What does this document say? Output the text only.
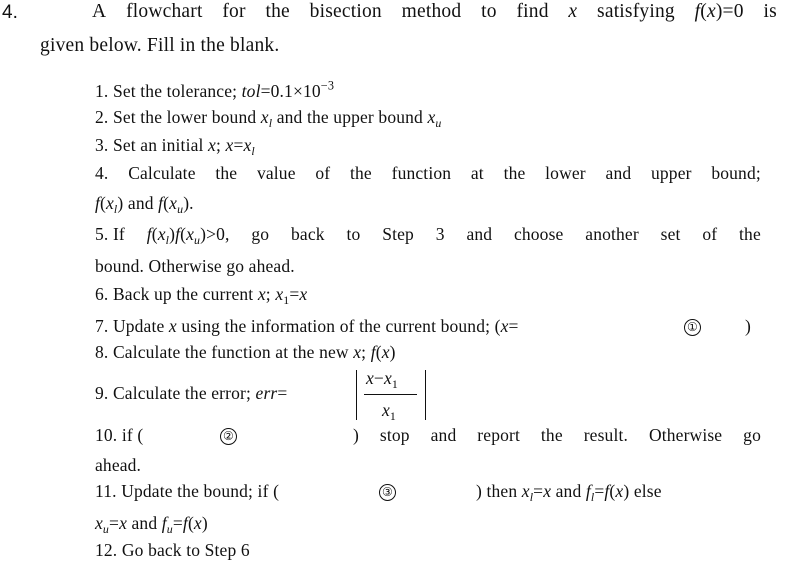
4.	A flowchart for the bisection method to find x satisfying f(x)=0 is
given below. Fill in the blank.
1. Set the tolerance; $tol=0.1\times 10^{-3}$
2. Set the lower bound $x_l$ and the upper bound $x_u$
3. Set an initial x; $x=x_l$
4. Calculate the value of the function at the lower and upper bound;
$f(x_l)$ and $f(x_u)$.
5. If $f(x_l)f(x_u)>0$, go back to Step 3 and choose another set of the
bound. Otherwise go ahead.
6. Back up the current x; $x_1=x$
7. Update x using the information of the current bound; (x=	①	)
8. Calculate the function at the new x; f(x)
9. Calculate the error; err=
$x-x_1$
$x_1$
10. if (	②	) stop and report the result. Otherwise go
ahead.
11. Update the bound; if (	③	) then $x_l=x$ and $f_l=f(x)$ else
$x_u=x$ and $f_u=f(x)$
12. Go back to Step 6
